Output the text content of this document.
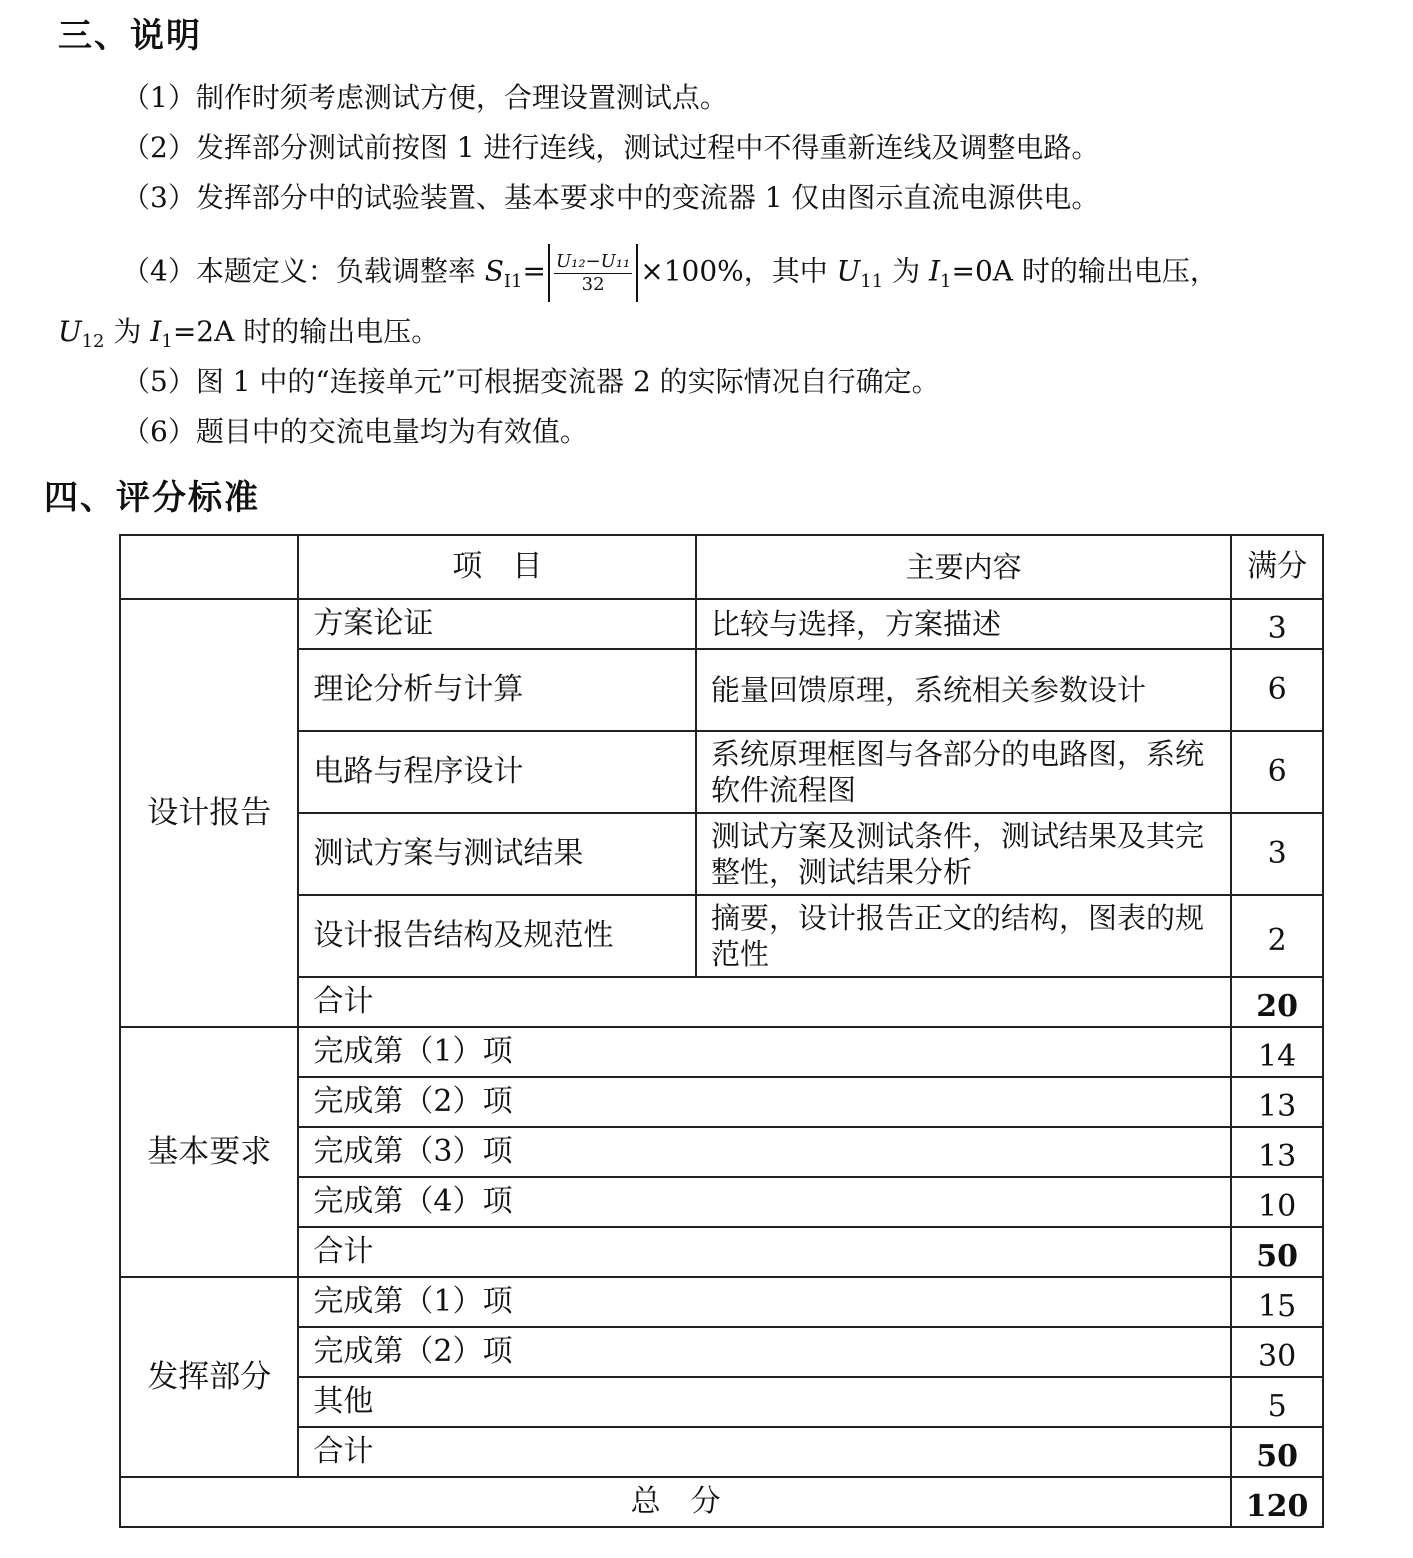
三、说明
（1）制作时须考虑测试方便，合理设置测试点。
（2）发挥部分测试前按图 1 进行连线，测试过程中不得重新连线及调整电路。
（3）发挥部分中的试验装置、基本要求中的变流器 1 仅由图示直流电源供电。
（4）本题定义：负载调整率 $S_{I1}= \frac{\text{U₁₂−U₁₁}}{32} \times 100\%$，其中 $U_{11}$ 为 $I_1=0A$ 时的输出电压，
$U_{12}$ 为 $I_1=2A$ 时的输出电压。
（5）图 1 中的“连接单元”可根据变流器 2 的实际情况自行确定。
（6）题目中的交流电量均为有效值。
四、评分标准
	项　目	主要内容	满分
设计报告	方案论证	比较与选择，方案描述	3
	理论分析与计算	能量回馈原理，系统相关参数设计	6
	电路与程序设计	系统原理框图与各部分的电路图，系统软件流程图	6
	测试方案与测试结果	测试方案及测试条件，测试结果及其完整性，测试结果分析	3
	设计报告结构及规范性	摘要，设计报告正文的结构，图表的规范性	2
	合计		20
基本要求	完成第（1）项		14
	完成第（2）项		13
	完成第（3）项		13
	完成第（4）项		10
	合计		50
发挥部分	完成第（1）项		15
	完成第（2）项		30
	其他		5
	合计		50
总　分			120
